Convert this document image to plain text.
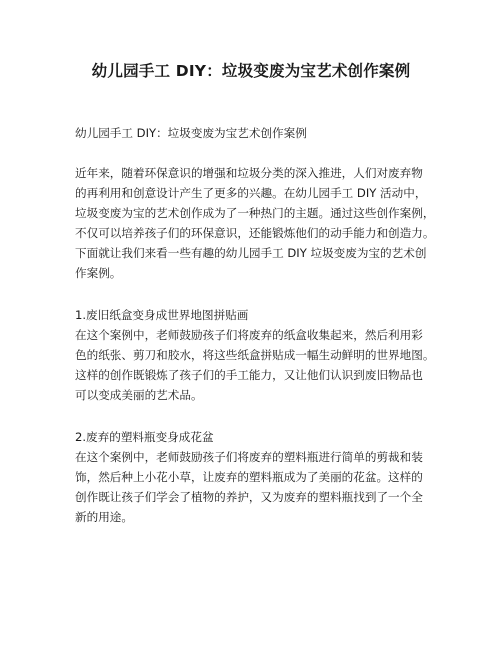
幼儿园手工 DIY：垃圾变废为宝艺术创作案例

幼儿园手工 DIY：垃圾变废为宝艺术创作案例

近年来，随着环保意识的增强和垃圾分类的深入推进，人们对废弃物
的再利用和创意设计产生了更多的兴趣。在幼儿园手工 DIY 活动中，
垃圾变废为宝的艺术创作成为了一种热门的主题。通过这些创作案例，
不仅可以培养孩子们的环保意识，还能锻炼他们的动手能力和创造力。
下面就让我们来看一些有趣的幼儿园手工 DIY 垃圾变废为宝的艺术创
作案例。

1.废旧纸盒变身成世界地图拼贴画
在这个案例中，老师鼓励孩子们将废弃的纸盒收集起来，然后利用彩
色的纸张、剪刀和胶水，将这些纸盒拼贴成一幅生动鲜明的世界地图。
这样的创作既锻炼了孩子们的手工能力，又让他们认识到废旧物品也
可以变成美丽的艺术品。

2.废弃的塑料瓶变身成花盆
在这个案例中，老师鼓励孩子们将废弃的塑料瓶进行简单的剪裁和装
饰，然后种上小花小草，让废弃的塑料瓶成为了美丽的花盆。这样的
创作既让孩子们学会了植物的养护，又为废弃的塑料瓶找到了一个全
新的用途。
